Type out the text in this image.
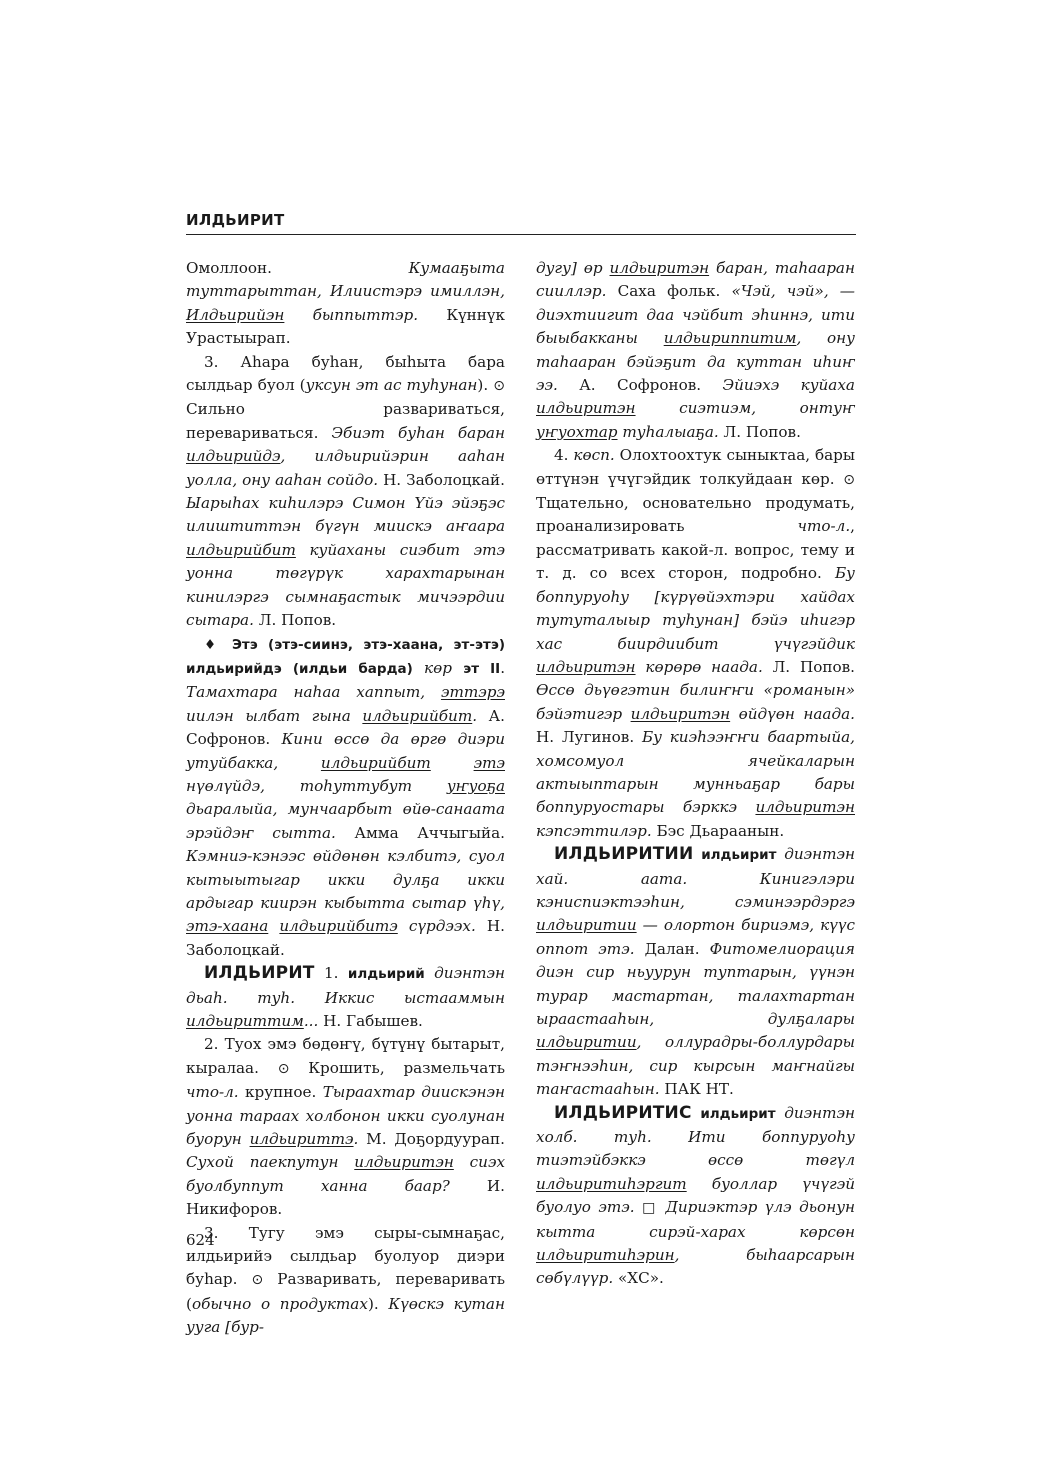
ИЛДЬИРИТ

Омоллоон. Кумааҕыта туттарыттан, Илиистэрэ имиллэн, Илдьирийэн быппыттэр. Күннүк Урастыырап.

3. Аһара буһан, быһыта бара сылдьар буол (уксун эт ас туһунан). ⊙ Сильно развариваться, перевариваться. Эбиэт буһан баран илдьирийдэ, илдьирийэрин ааһан уолла, ону ааһан сойдо. Н. Заболоцкай. Ыарыһах киһилэрэ Симон Үйэ эйэҕэс илиштиттэн бүгүн миискэ аҥаара илдьирийбит куйаханы сиэбит этэ уонна төгүрүк харахтарынан кинилэргэ сымнаҕастык мичээрдии сытара. Л. Попов.

♦ Этэ (этэ-сиинэ, этэ-хаана, эт-этэ) илдьирийдэ (илдьи барда) көр эт II. Тамахтара наһаа хаппыт, эттэрэ иилэн ылбат гына илдьирийбит. А. Софронов. Кини өссө да өргө диэри утуйбакка, илдьирийбит	этэ нүөлүйдэ, тоһуттубут уҥуоҕа дьаралыйа, мунчаарбыт өйө-санаата эрэйдэҥ сытта. Амма Аччыгыйа. Кэмниэ-кэнээс өйдөнөн кэлбитэ, суол кытыытыгар икки дулҕа икки ардыгар киирэн кыбытта сытар үһү, этэ-хаана илдьирийбитэ сүрдээх. Н. Заболоцкай.

ИЛДЬИРИТ 1. илдьирий диэнтэн дьаһ. туһ. Иккис ыстааммын илдьириттим... Н. Габышев.

2. Туох эмэ бөдөҥү, бүтүнү бытарыт, кыралаа. ⊙ Крошить, размельчать что-л. крупное. Тыраахтар диискэнэн уонна тараах холбонон икки суолунан буорун илдьириттэ. М. Доҕордуурап. Сухой паекпутун илдьиритэн сиэх буолбуппут ханна баар? И. Никифоров.

3. Тугу эмэ сыры-сымнаҕас, илдьирийэ сылдьар буолуор диэри буһар. ⊙ Разваривать, переваривать (обычно о продуктах). Күөскэ кутан ууга [бур-

дугу] өр илдьиритэн баран, таһааран сииллэр. Саха фольк. «Чэй, чэй», — диэхтиигит даа чэйбит эһиннэ, ити быыбакканы илдьириппитим, ону таһааран бэйэҕит да куттан иһиҥ ээ. А. Софронов. Эйиэхэ куйаха илдьиритэн сиэтиэм, онтуҥ уҥуохтар туһалыаҕа. Л. Попов.

4. көсп. Олохтоохтук сыныктаа, бары өттүнэн үчүгэйдик толкуйдаан көр. ⊙ Тщательно, основательно продумать, проанализировать что-л., рассматривать какой-л. вопрос, тему и т. д. со всех сторон, подробно. Бу боппуруоһу [күрүөйэхтэри хайдах тутуталыыр туһунан] бэйэ иһигэр хас биирдиибит үчүгэйдик илдьиритэн көрөрө наада. Л. Попов. Өссө дьүөгэтин билиҥҥи «романын» бэйэтигэр илдьиритэн өйдүөн наада. Н. Лугинов. Бу киэһээҥҥи баартыйа, хомсомуол ячейкаларын актыыптарын мунньаҕар бары боппуруостары бэрккэ илдьиритэн кэпсэттилэр. Бэс Дьараанын.

ИЛДЬИРИТИИ илдьирит диэнтэн хай. аата. Кинигэлэри кэниспиэктээһин, сэминээрдэргэ илдьиритии — олортон бириэмэ, күүс оппот этэ. Далан. Фитомелиорация диэн сир ньуурун туптарын, үүнэн турар мастартан, талахтартан ыраастааһын, дулҕалары илдьиритии, оллурадры-боллурдары тэҥнээһин, сир кырсын маҥнайгы таҥастааһын. ПАК НТ.

ИЛДЬИРИТИС илдьирит диэнтэн холб. туһ. Ити боппуруоһу тиэтэйбэккэ өссө төгүл илдьиритиһэргит буоллар үчүгэй буолуо этэ. □ Дириэктэр үлэ дьонун кытта сирэй-харах көрсөн илдьиритиһэрин, быһаарсарын сөбүлүүр. «ХС».

624
